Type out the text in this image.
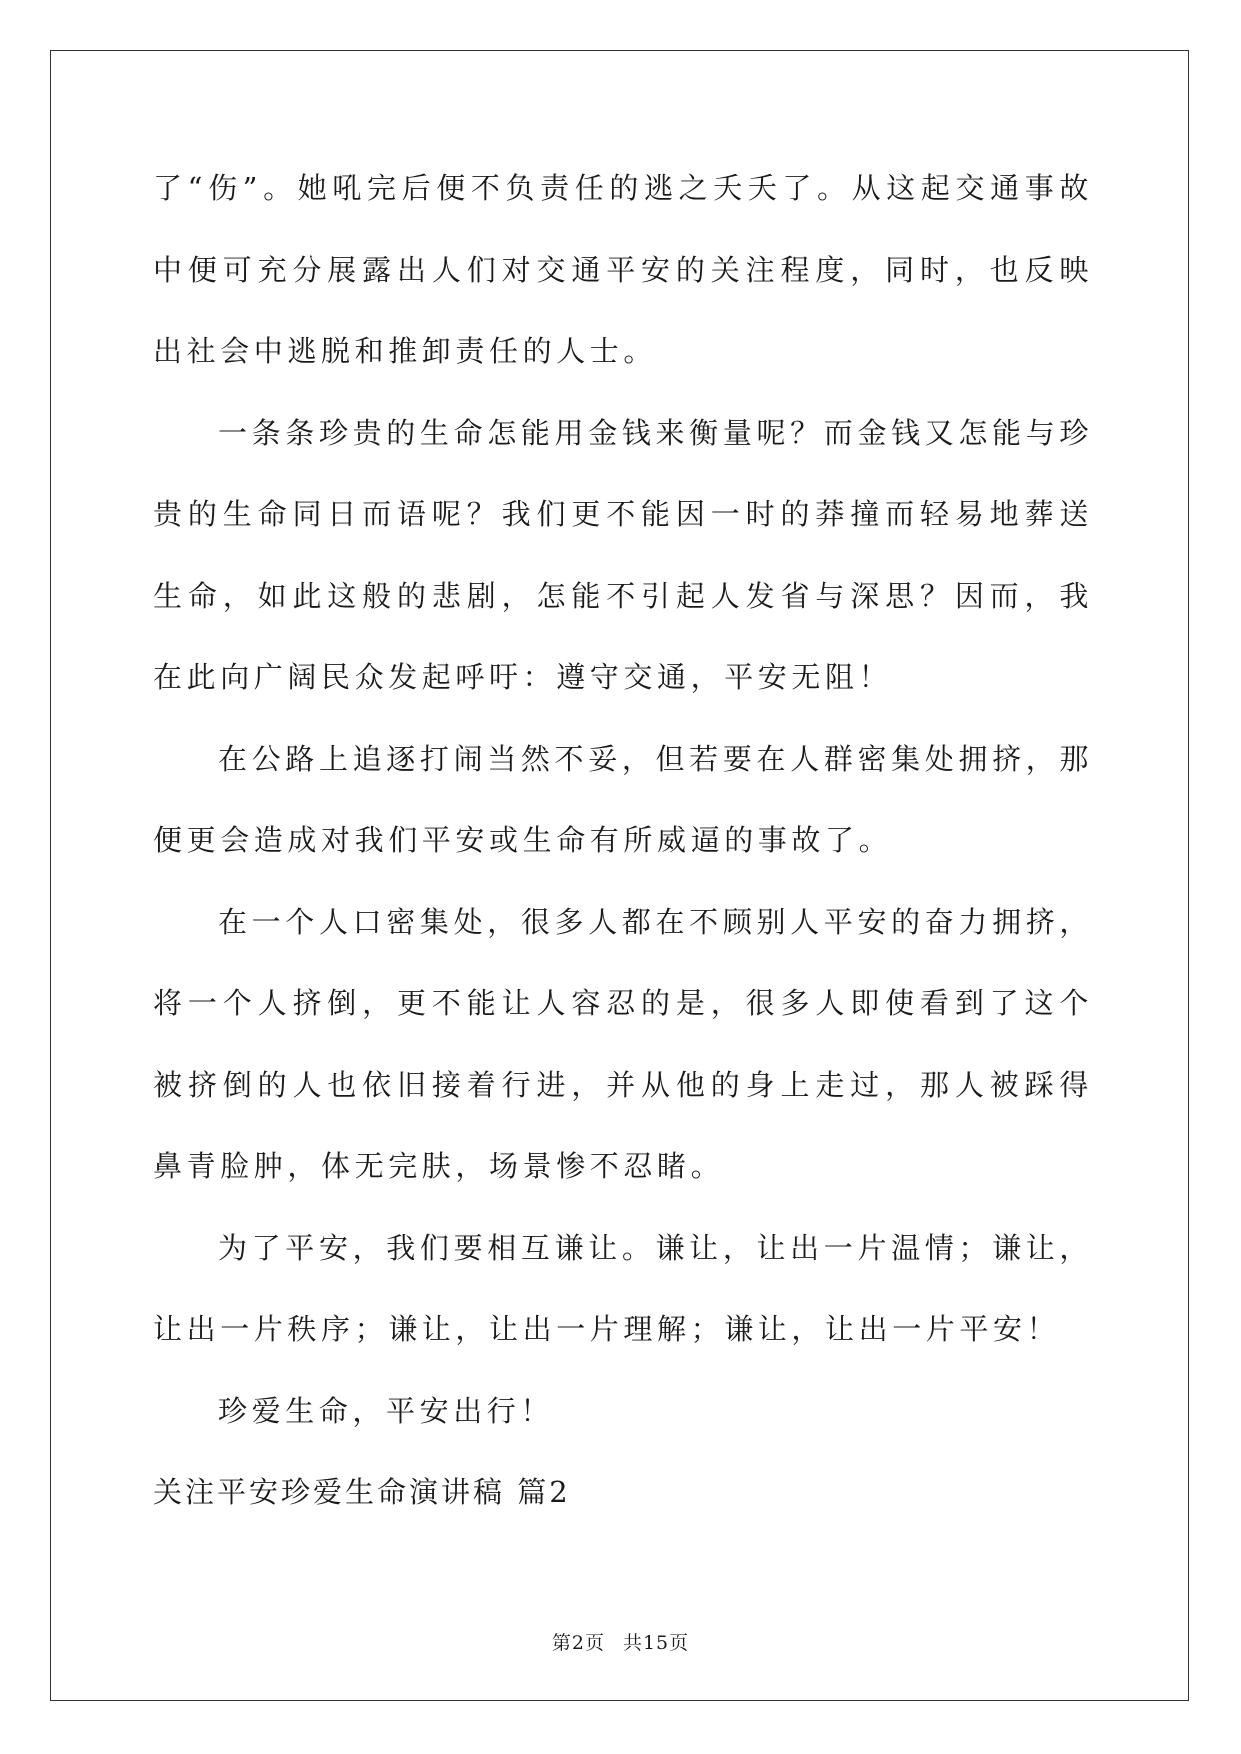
了“伤”。她吼完后便不负责任的逃之夭夭了。从这起交通事故中便可充分展露出人们对交通平安的关注程度，同时，也反映出社会中逃脱和推卸责任的人士。

一条条珍贵的生命怎能用金钱来衡量呢？而金钱又怎能与珍贵的生命同日而语呢？我们更不能因一时的莽撞而轻易地葬送生命，如此这般的悲剧，怎能不引起人发省与深思？因而，我在此向广阔民众发起呼吁：遵守交通，平安无阻！

在公路上追逐打闹当然不妥，但若要在人群密集处拥挤，那便更会造成对我们平安或生命有所威逼的事故了。

在一个人口密集处，很多人都在不顾别人平安的奋力拥挤，将一个人挤倒，更不能让人容忍的是，很多人即使看到了这个被挤倒的人也依旧接着行进，并从他的身上走过，那人被踩得鼻青脸肿，体无完肤，场景惨不忍睹。

为了平安，我们要相互谦让。谦让，让出一片温情；谦让，让出一片秩序；谦让，让出一片理解；谦让，让出一片平安！

珍爱生命，平安出行！

关注平安珍爱生命演讲稿 篇2

第2页 共15页
